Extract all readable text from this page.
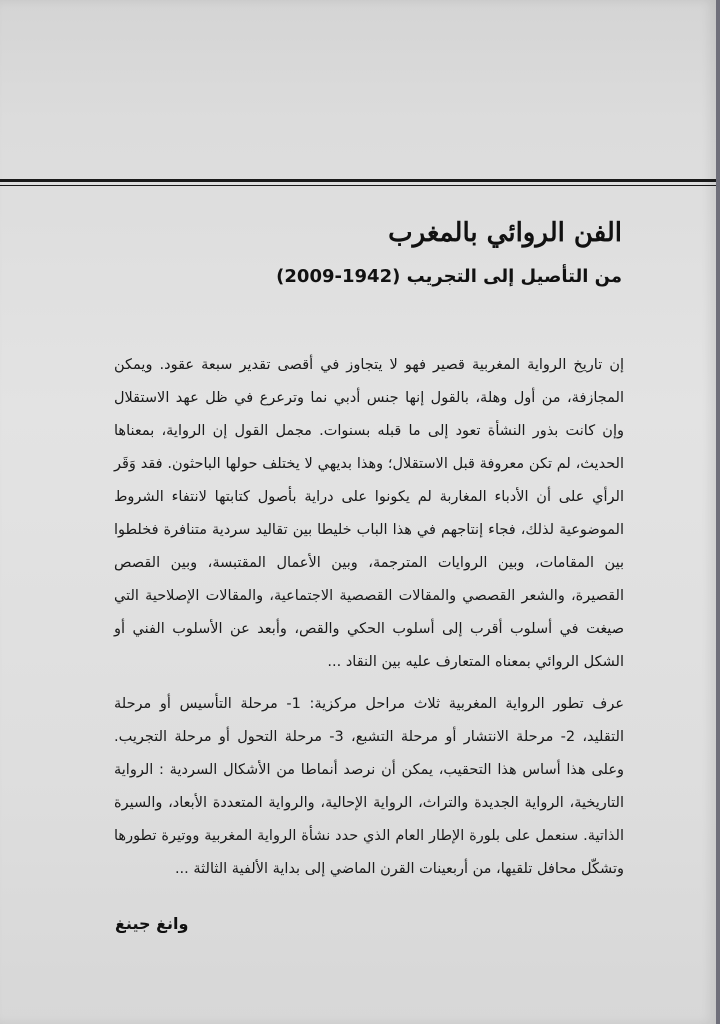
الفن الروائي بالمغرب
من التأصيل إلى التجريب (1942-2009)

إن تاريخ الرواية المغربية قصير فهو لا يتجاوز في أقصى تقدير سبعة عقود. ويمكن المجازفة، من أول وهلة، بالقول إنها جنس أدبي نما وترعرع في ظل عهد الاستقلال وإن كانت بذور النشأة تعود إلى ما قبله بسنوات. مجمل القول إن الرواية، بمعناها الحديث، لم تكن معروفة قبل الاستقلال؛ وهذا بديهي لا يختلف حولها الباحثون. فقد وَقَر الرأي على أن الأدباء المغاربة لم يكونوا على دراية بأصول كتابتها لانتفاء الشروط الموضوعية لذلك، فجاء إنتاجهم في هذا الباب خليطا بين تقاليد سردية متنافرة فخلطوا بين المقامات، وبين الروايات المترجمة، وبين الأعمال المقتبسة، وبين القصص القصيرة، والشعر القصصي والمقالات القصصية الاجتماعية، والمقالات الإصلاحية التي صيغت في أسلوب أقرب إلى أسلوب الحكي والقص، وأبعد عن الأسلوب الفني أو الشكل الروائي بمعناه المتعارف عليه بين النقاد ...

عرف تطور الرواية المغربية ثلاث مراحل مركزية: 1- مرحلة التأسيس أو مرحلة التقليد، 2- مرحلة الانتشار أو مرحلة التشبع، 3- مرحلة التحول أو مرحلة التجريب. وعلى هذا أساس هذا التحقيب، يمكن أن نرصد أنماطا من الأشكال السردية : الرواية التاريخية، الرواية الجديدة والتراث، الرواية الإحالية، والرواية المتعددة الأبعاد، والسيرة الذاتية. سنعمل على بلورة الإطار العام الذي حدد نشأة الرواية المغربية ووتيرة تطورها وتشكّل محافل تلقيها، من أربعينات القرن الماضي إلى بداية الألفية الثالثة ...

وانغ جينغ
